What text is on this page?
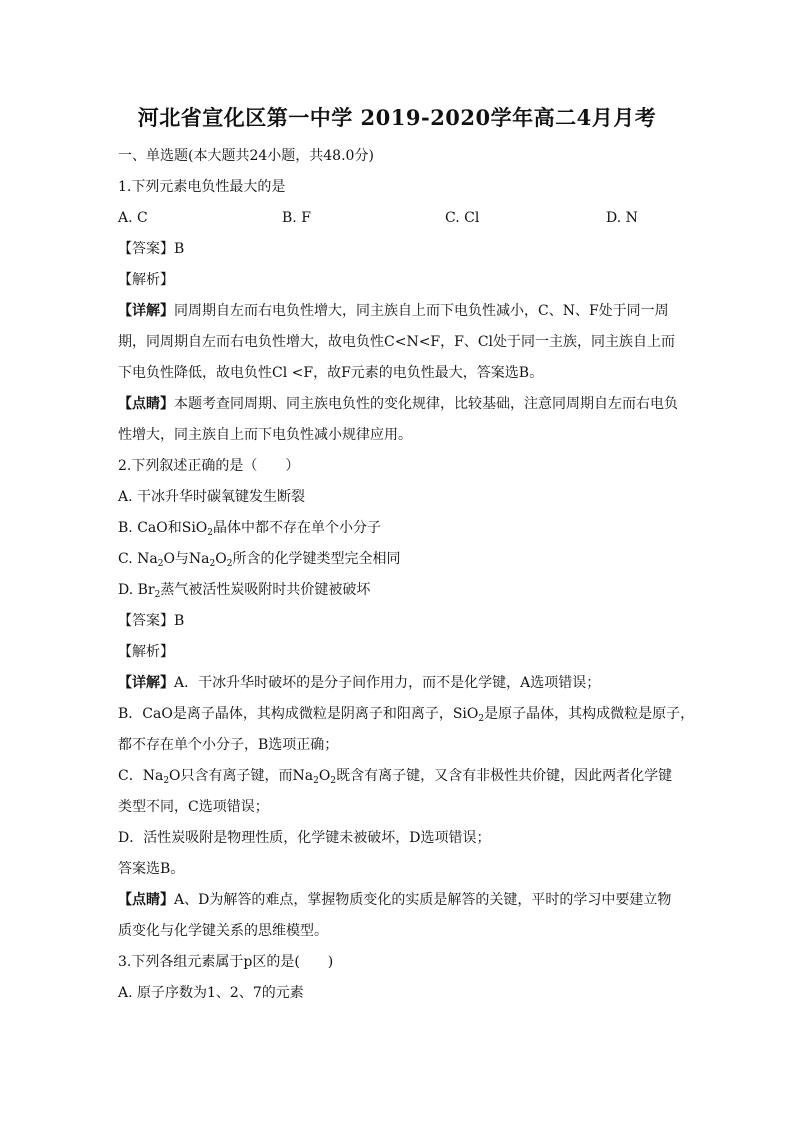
河北省宣化区第一中学 2019-2020学年高二4月月考
一、单选题(本大题共24小题，共48.0分)
1.下列元素电负性最大的是
A. C	B. F	C. Cl	D. N
【答案】B
【解析】
【详解】同周期自左而右电负性增大，同主族自上而下电负性减小，C、N、F处于同一周
期，同周期自左而右电负性增大，故电负性C<N<F，F、Cl处于同一主族，同主族自上而
下电负性降低，故电负性Cl <F，故F元素的电负性最大，答案选B。
【点睛】本题考查同周期、同主族电负性的变化规律，比较基础，注意同周期自左而右电负
性增大，同主族自上而下电负性减小规律应用。
2.下列叙述正确的是（　　）
A. 干冰升华时碳氧键发生断裂
B. CaO和SiO$_2$晶体中都不存在单个小分子
C. $Na_2O$与$Na_2O_2$所含的化学键类型完全相同
D. $Br_2$蒸气被活性炭吸附时共价键被破坏
【答案】B
【解析】
【详解】A．干冰升华时破坏的是分子间作用力，而不是化学键，A选项错误；
B．CaO是离子晶体，其构成微粒是阴离子和阳离子，SiO$_2$是原子晶体，其构成微粒是原子，
都不存在单个小分子，B选项正确；
C．$Na_2O$只含有离子键，而$Na_2O_2$既含有离子键，又含有非极性共价键，因此两者化学键
类型不同，C选项错误；
D．活性炭吸附是物理性质，化学键未被破坏，D选项错误；
答案选B。
【点睛】A、D为解答的难点，掌握物质变化的实质是解答的关键，平时的学习中要建立物
质变化与化学键关系的思维模型。
3.下列各组元素属于p区的是(　　)
A. 原子序数为1、2、7的元素
